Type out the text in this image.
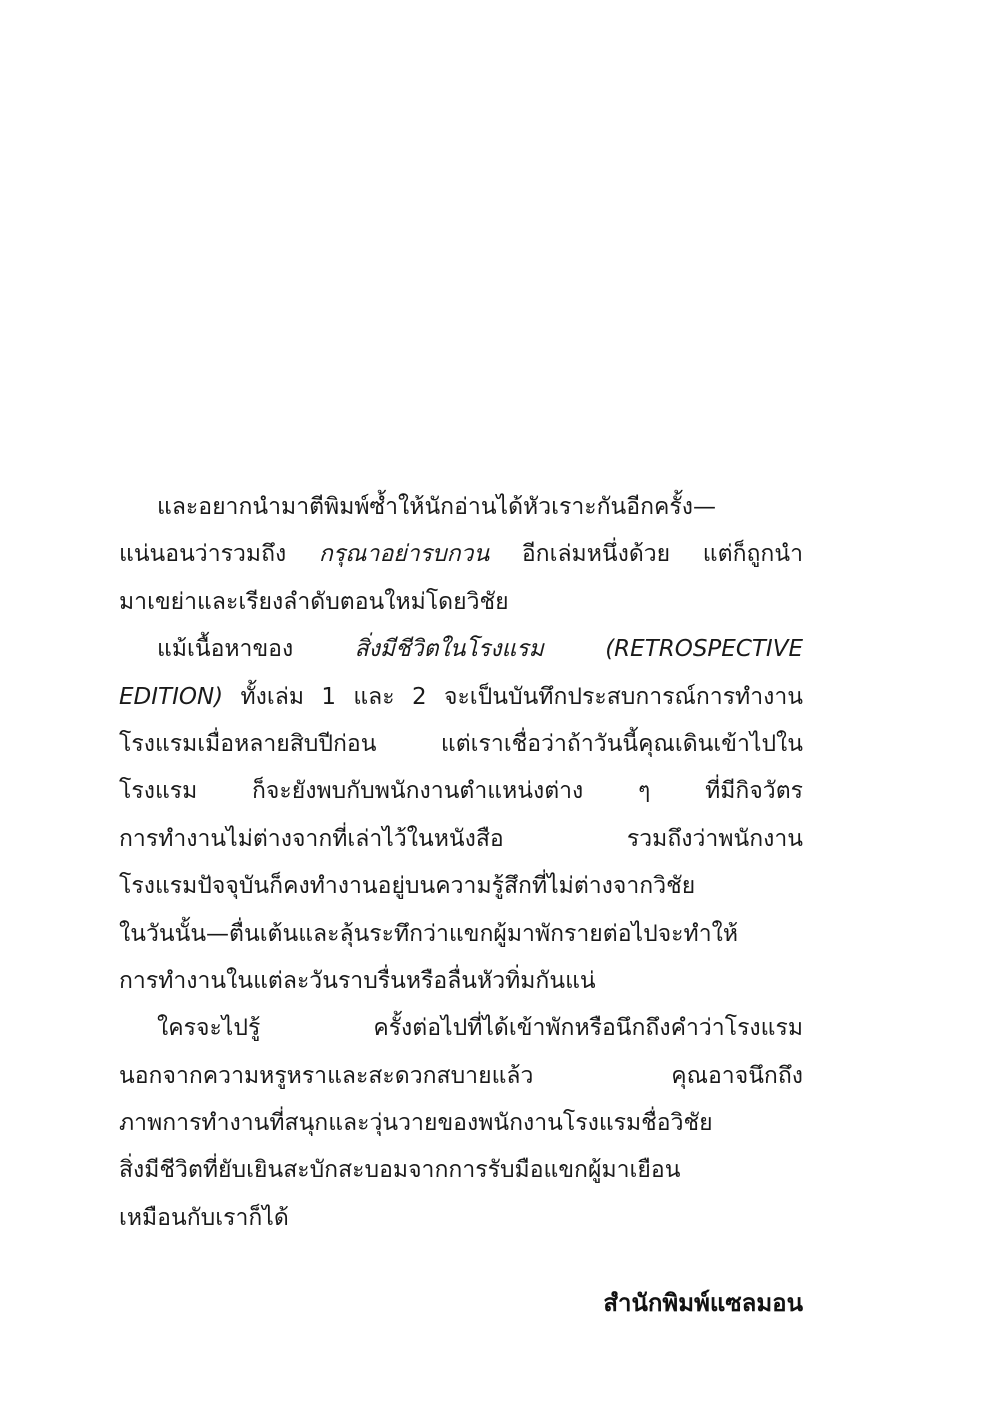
และอยากนำมาตีพิมพ์ซ้ำให้นักอ่านได้หัวเราะกันอีกครั้ง—
แน่นอนว่ารวมถึง กรุณาอย่ารบกวน อีกเล่มหนึ่งด้วย แต่ก็ถูกนำ
มาเขย่าและเรียงลำดับตอนใหม่โดยวิชัย
แม้เนื้อหาของ สิ่งมีชีวิตในโรงแรม (RETROSPECTIVE
EDITION) ทั้งเล่ม 1 และ 2 จะเป็นบันทึกประสบการณ์การทำงาน
โรงแรมเมื่อหลายสิบปีก่อน แต่เราเชื่อว่าถ้าวันนี้คุณเดินเข้าไปใน
โรงแรม ก็จะยังพบกับพนักงานตำแหน่งต่าง ๆ ที่มีกิจวัตร
การทำงานไม่ต่างจากที่เล่าไว้ในหนังสือ รวมถึงว่าพนักงาน
โรงแรมปัจจุบันก็คงทำงานอยู่บนความรู้สึกที่ไม่ต่างจากวิชัย
ในวันนั้น—ตื่นเต้นและลุ้นระทึกว่าแขกผู้มาพักรายต่อไปจะทำให้
การทำงานในแต่ละวันราบรื่นหรือลื่นหัวทิ่มกันแน่
ใครจะไปรู้ ครั้งต่อไปที่ได้เข้าพักหรือนึกถึงคำว่าโรงแรม
นอกจากความหรูหราและสะดวกสบายแล้ว คุณอาจนึกถึง
ภาพการทำงานที่สนุกและวุ่นวายของพนักงานโรงแรมชื่อวิชัย
สิ่งมีชีวิตที่ยับเยินสะบักสะบอมจากการรับมือแขกผู้มาเยือน
เหมือนกับเราก็ได้
สำนักพิมพ์แซลมอน
